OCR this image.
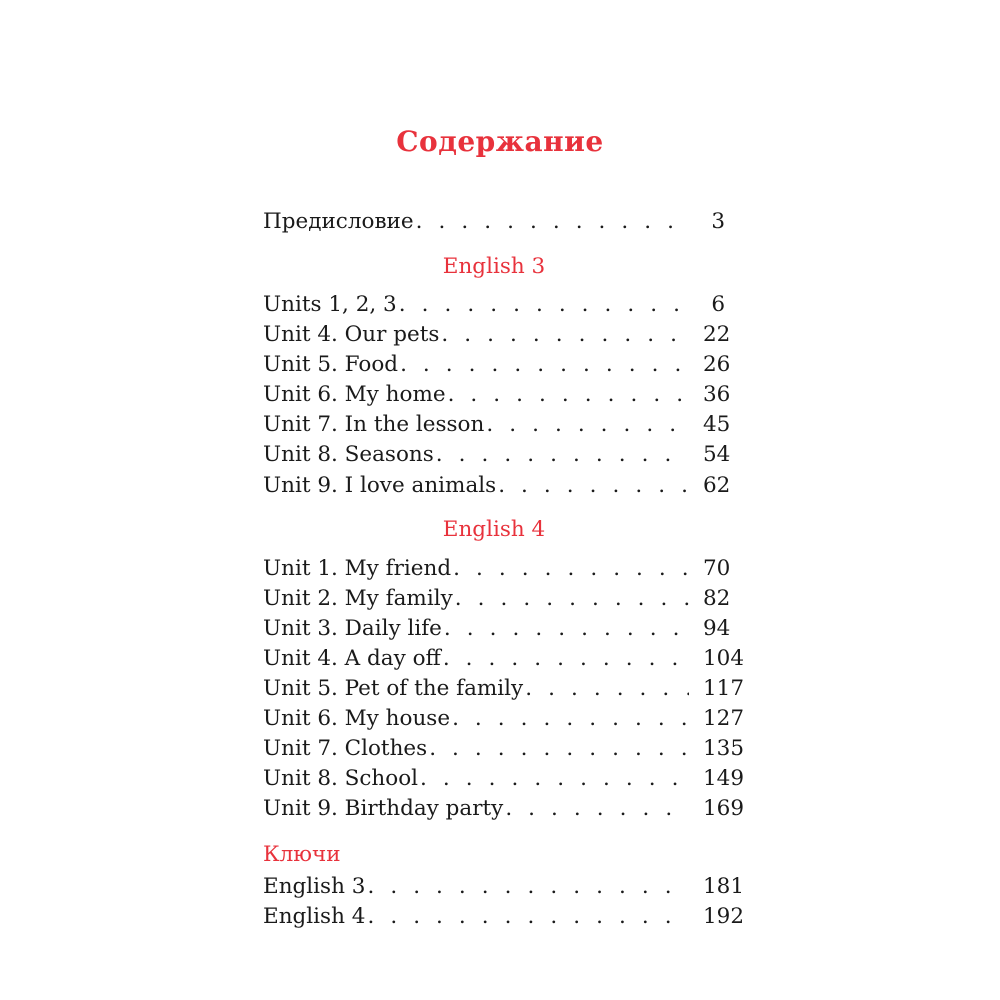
Содержание
Предисловие . . .	3
English 3
Units 1, 2, 3 . . .	6
Unit 4. Our pets . . .	22
Unit 5. Food . . .	26
Unit 6. My home . . .	36
Unit 7. In the lesson . . .	45
Unit 8. Seasons . . .	54
Unit 9. I love animals . . .	62
English 4
Unit 1. My friend . . .	70
Unit 2. My family . . .	82
Unit 3. Daily life . . .	94
Unit 4. A day off . . .	104
Unit 5. Pet of the family . . .	117
Unit 6. My house . . .	127
Unit 7. Clothes . . .	135
Unit 8. School . . .	149
Unit 9. Birthday party . . .	169
Ключи
English 3 . . .	181
English 4 . . .	192
